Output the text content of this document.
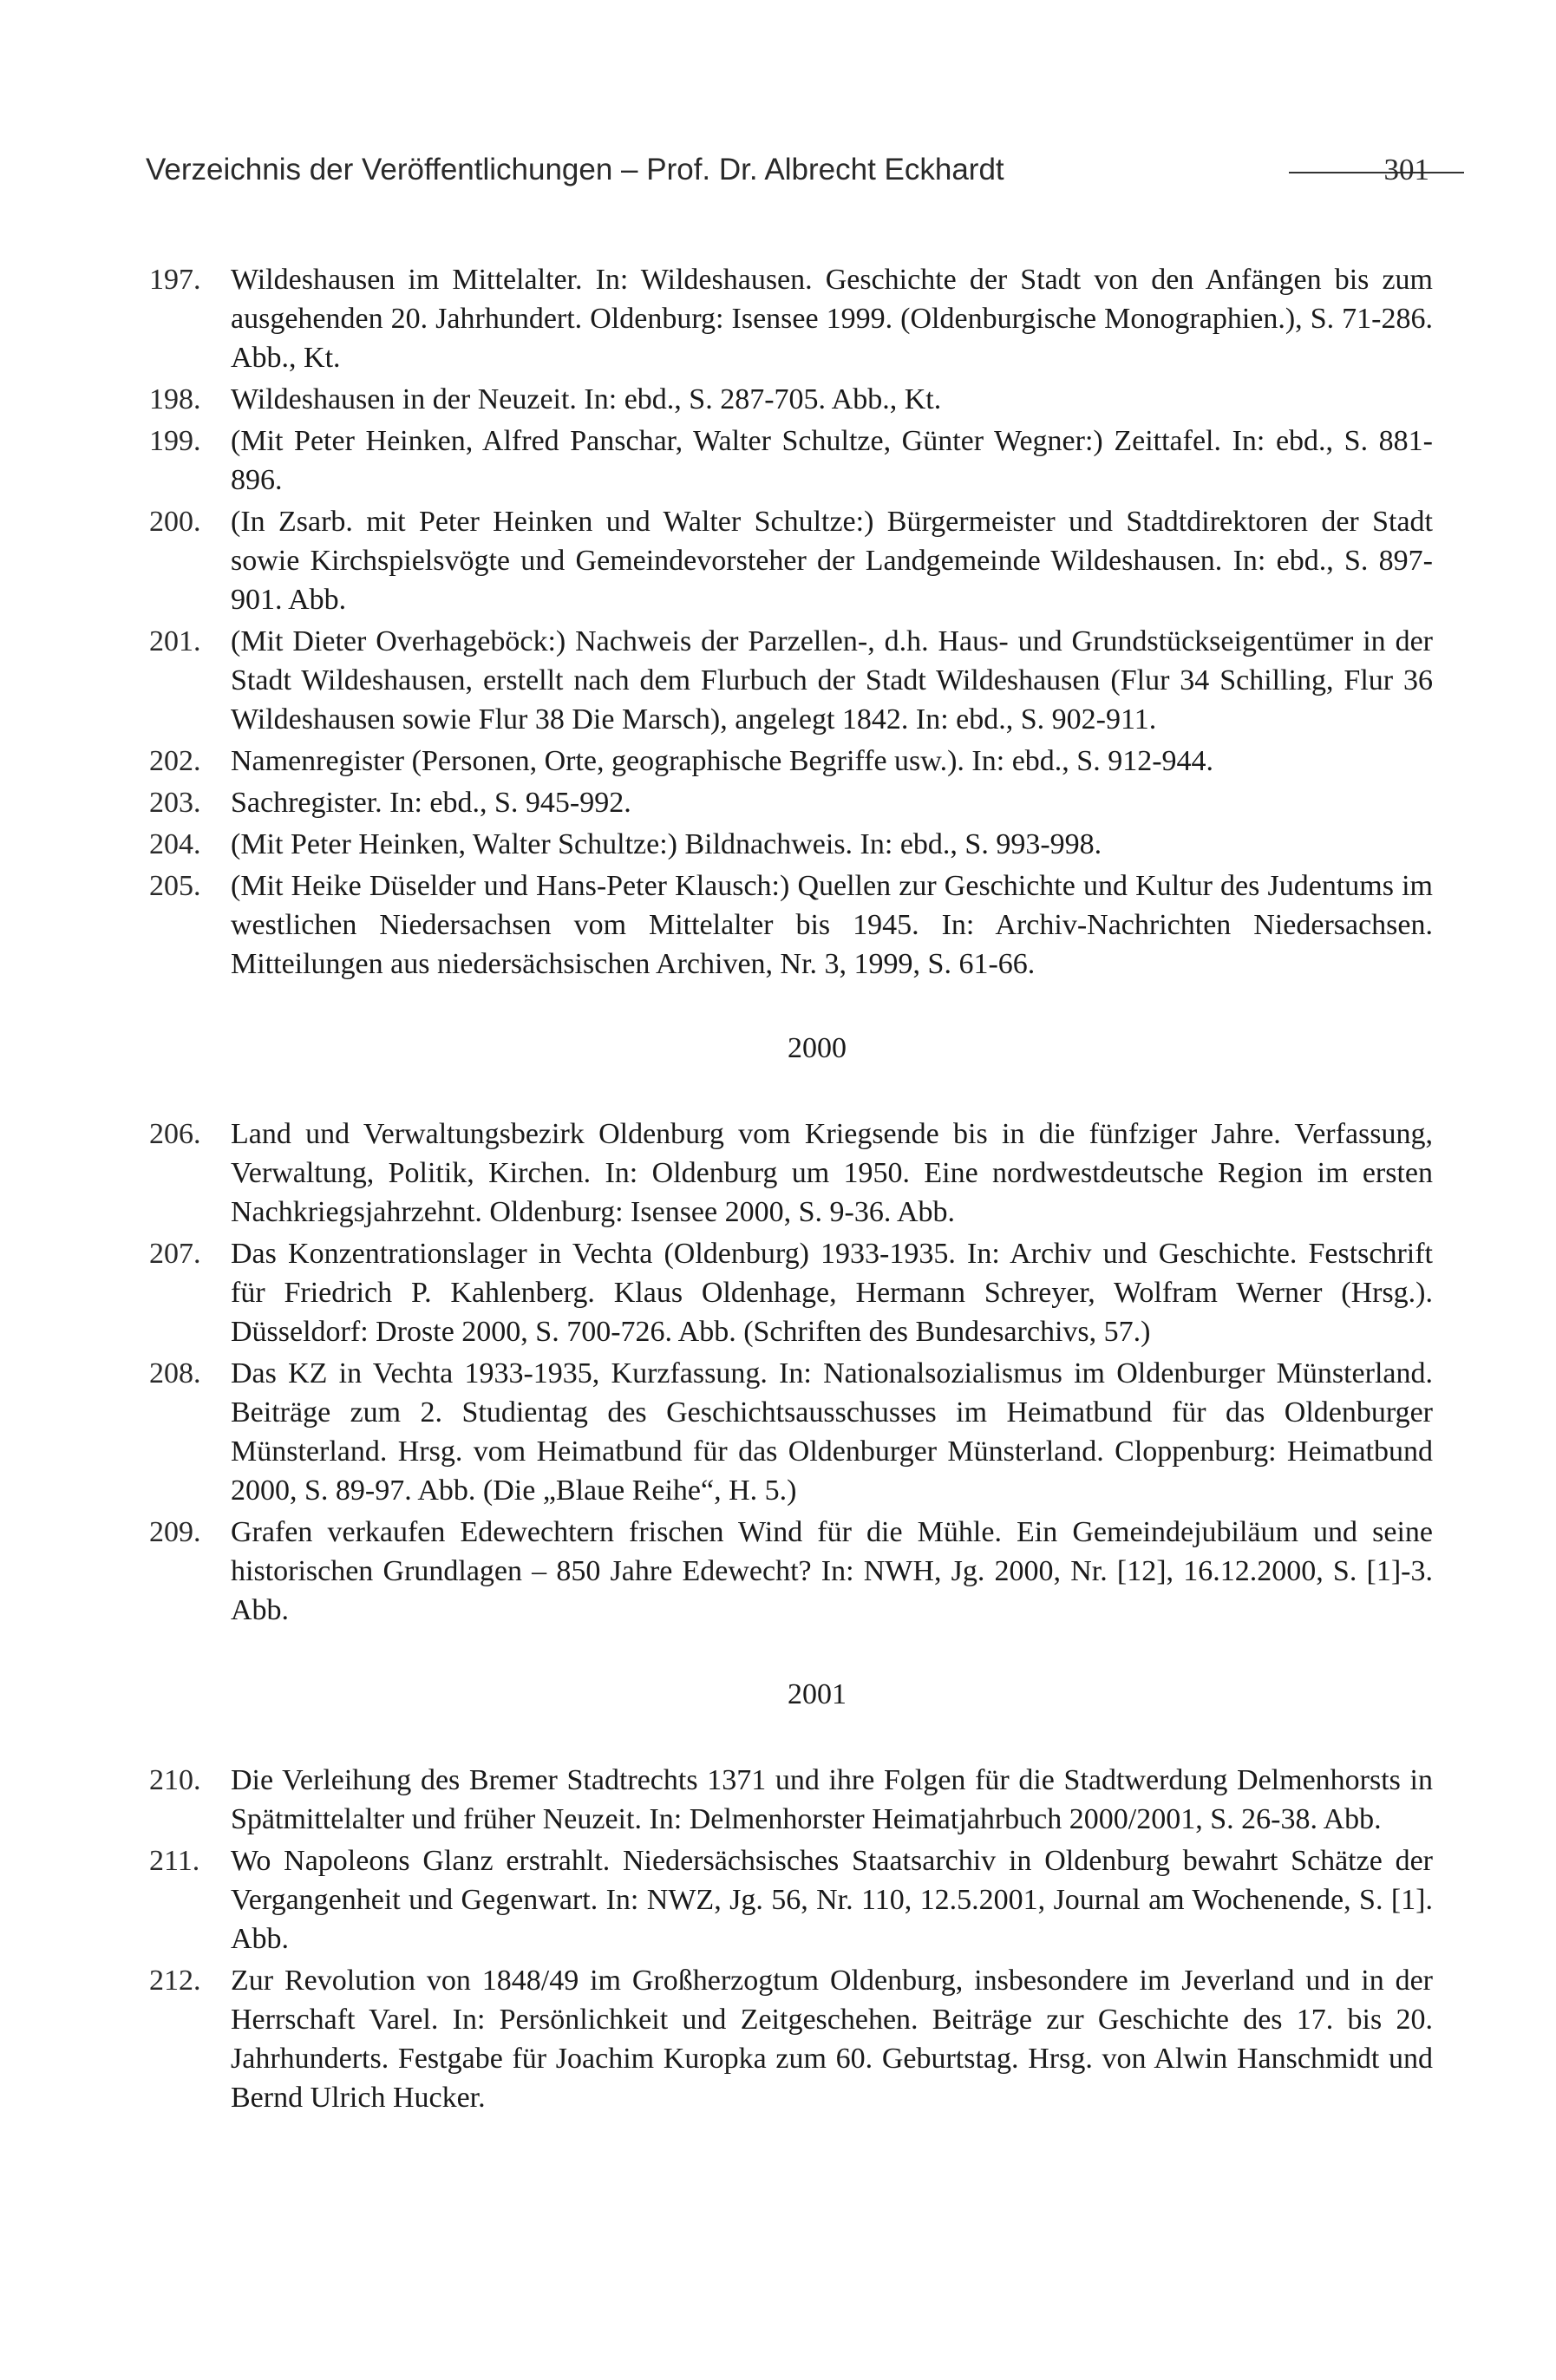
Verzeichnis der Veröffentlichungen – Prof. Dr. Albrecht Eckhardt	301
197.	Wildeshausen im Mittelalter. In: Wildeshausen. Geschichte der Stadt von den Anfängen bis zum ausgehenden 20. Jahrhundert. Oldenburg: Isensee 1999. (Oldenburgische Monographien.), S. 71-286. Abb., Kt.
198.	Wildeshausen in der Neuzeit. In: ebd., S. 287-705. Abb., Kt.
199.	(Mit Peter Heinken, Alfred Panschar, Walter Schultze, Günter Wegner:) Zeittafel. In: ebd., S. 881-896.
200.	(In Zsarb. mit Peter Heinken und Walter Schultze:) Bürgermeister und Stadtdirektoren der Stadt sowie Kirchspielsvögte und Gemeindevorsteher der Landgemeinde Wildeshausen. In: ebd., S. 897-901. Abb.
201.	(Mit Dieter Overhageböck:) Nachweis der Parzellen-, d.h. Haus- und Grundstückseigentümer in der Stadt Wildeshausen, erstellt nach dem Flurbuch der Stadt Wildeshausen (Flur 34 Schilling, Flur 36 Wildeshausen sowie Flur 38 Die Marsch), angelegt 1842. In: ebd., S. 902-911.
202.	Namenregister (Personen, Orte, geographische Begriffe usw.). In: ebd., S. 912-944.
203.	Sachregister. In: ebd., S. 945-992.
204.	(Mit Peter Heinken, Walter Schultze:) Bildnachweis. In: ebd., S. 993-998.
205.	(Mit Heike Düselder und Hans-Peter Klausch:) Quellen zur Geschichte und Kultur des Judentums im westlichen Niedersachsen vom Mittelalter bis 1945. In: Archiv-Nachrichten Niedersachsen. Mitteilungen aus niedersächsischen Archiven, Nr. 3, 1999, S. 61-66.
2000
206.	Land und Verwaltungsbezirk Oldenburg vom Kriegsende bis in die fünfziger Jahre. Verfassung, Verwaltung, Politik, Kirchen. In: Oldenburg um 1950. Eine nordwestdeutsche Region im ersten Nachkriegsjahrzehnt. Oldenburg: Isensee 2000, S. 9-36. Abb.
207.	Das Konzentrationslager in Vechta (Oldenburg) 1933-1935. In: Archiv und Geschichte. Festschrift für Friedrich P. Kahlenberg. Klaus Oldenhage, Hermann Schreyer, Wolfram Werner (Hrsg.). Düsseldorf: Droste 2000, S. 700-726. Abb. (Schriften des Bundesarchivs, 57.)
208.	Das KZ in Vechta 1933-1935, Kurzfassung. In: Nationalsozialismus im Oldenburger Münsterland. Beiträge zum 2. Studientag des Geschichtsausschusses im Heimatbund für das Oldenburger Münsterland. Hrsg. vom Heimatbund für das Oldenburger Münsterland. Cloppenburg: Heimatbund 2000, S. 89-97. Abb. (Die „Blaue Reihe“, H. 5.)
209.	Grafen verkaufen Edewechtern frischen Wind für die Mühle. Ein Gemeindejubiläum und seine historischen Grundlagen – 850 Jahre Edewecht? In: NWH, Jg. 2000, Nr. [12], 16.12.2000, S. [1]-3. Abb.
2001
210.	Die Verleihung des Bremer Stadtrechts 1371 und ihre Folgen für die Stadtwerdung Delmenhorsts in Spätmittelalter und früher Neuzeit. In: Delmenhorster Heimatjahrbuch 2000/2001, S. 26-38. Abb.
211.	Wo Napoleons Glanz erstrahlt. Niedersächsisches Staatsarchiv in Oldenburg bewahrt Schätze der Vergangenheit und Gegenwart. In: NWZ, Jg. 56, Nr. 110, 12.5.2001, Journal am Wochenende, S. [1]. Abb.
212.	Zur Revolution von 1848/49 im Großherzogtum Oldenburg, insbesondere im Jeverland und in der Herrschaft Varel. In: Persönlichkeit und Zeitgeschehen. Beiträge zur Geschichte des 17. bis 20. Jahrhunderts. Festgabe für Joachim Kuropka zum 60. Geburtstag. Hrsg. von Alwin Hanschmidt und Bernd Ulrich Hucker.
